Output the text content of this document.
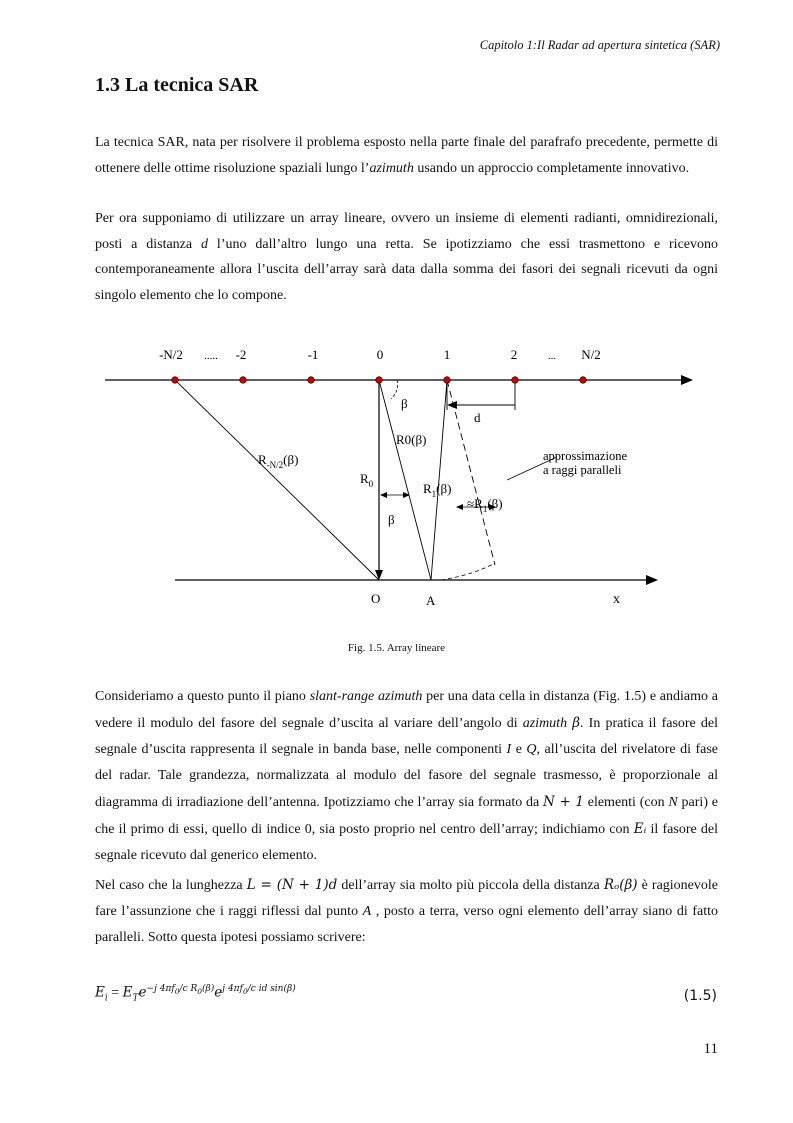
Capitolo 1:Il Radar ad apertura sintetica (SAR)
1.3 La tecnica SAR

La tecnica SAR, nata per risolvere il problema esposto nella parte finale del parafrafo precedente, permette di ottenere delle ottime risoluzione spaziali lungo l’azimuth usando un approccio completamente innovativo.

Per ora supponiamo di utilizzare un array lineare, ovvero un insieme di elementi radianti, omnidirezionali, posti a distanza d l’uno dall’altro lungo una retta. Se ipotizziamo che essi trasmettono e ricevono contemporaneamente allora l’uscita dell’array sarà data dalla somma dei fasori dei segnali ricevuti da ogni singolo elemento che lo compone.

-N/2 ..... -2	-1	0	1	2	... N/2
β
d
R0(β)
$R_{-N/2}(\beta)$
$R_0$	$R_1(\beta)$
$\approx R_1(\beta)$
β
approssimazione
a raggi paralleli
O	A	x
Fig. 1.5. Array lineare

Consideriamo a questo punto il piano slant-range azimuth per una data cella in distanza (Fig. 1.5) e andiamo a vedere il modulo del fasore del segnale d’uscita al variare dell’angolo di azimuth β. In pratica il fasore del segnale d’uscita rappresenta il segnale in banda base, nelle componenti I e Q, all’uscita del rivelatore di fase del radar. Tale grandezza, normalizzata al modulo del fasore del segnale trasmesso, è proporzionale al diagramma di irradiazione dell’antenna. Ipotizziamo che l’array sia formato da N + 1 elementi (con N pari) e che il primo di essi, quello di indice 0, sia posto proprio nel centro dell’array; indichiamo con Eᵢ il fasore del segnale ricevuto dal generico elemento.

Nel caso che la lunghezza L = (N + 1)d dell’array sia molto più piccola della distanza Rₒ(β) è ragionevole fare l’assunzione che i raggi riflessi dal punto A , posto a terra, verso ogni elemento dell’array siano di fatto paralleli. Sotto questa ipotesi possiamo scrivere:

$E_i = E_Te^{-j 4\pi f_0/c R_0(\beta)}e^{j 4\pi f_0/c id sin(\beta)}$	(1.5)
11
